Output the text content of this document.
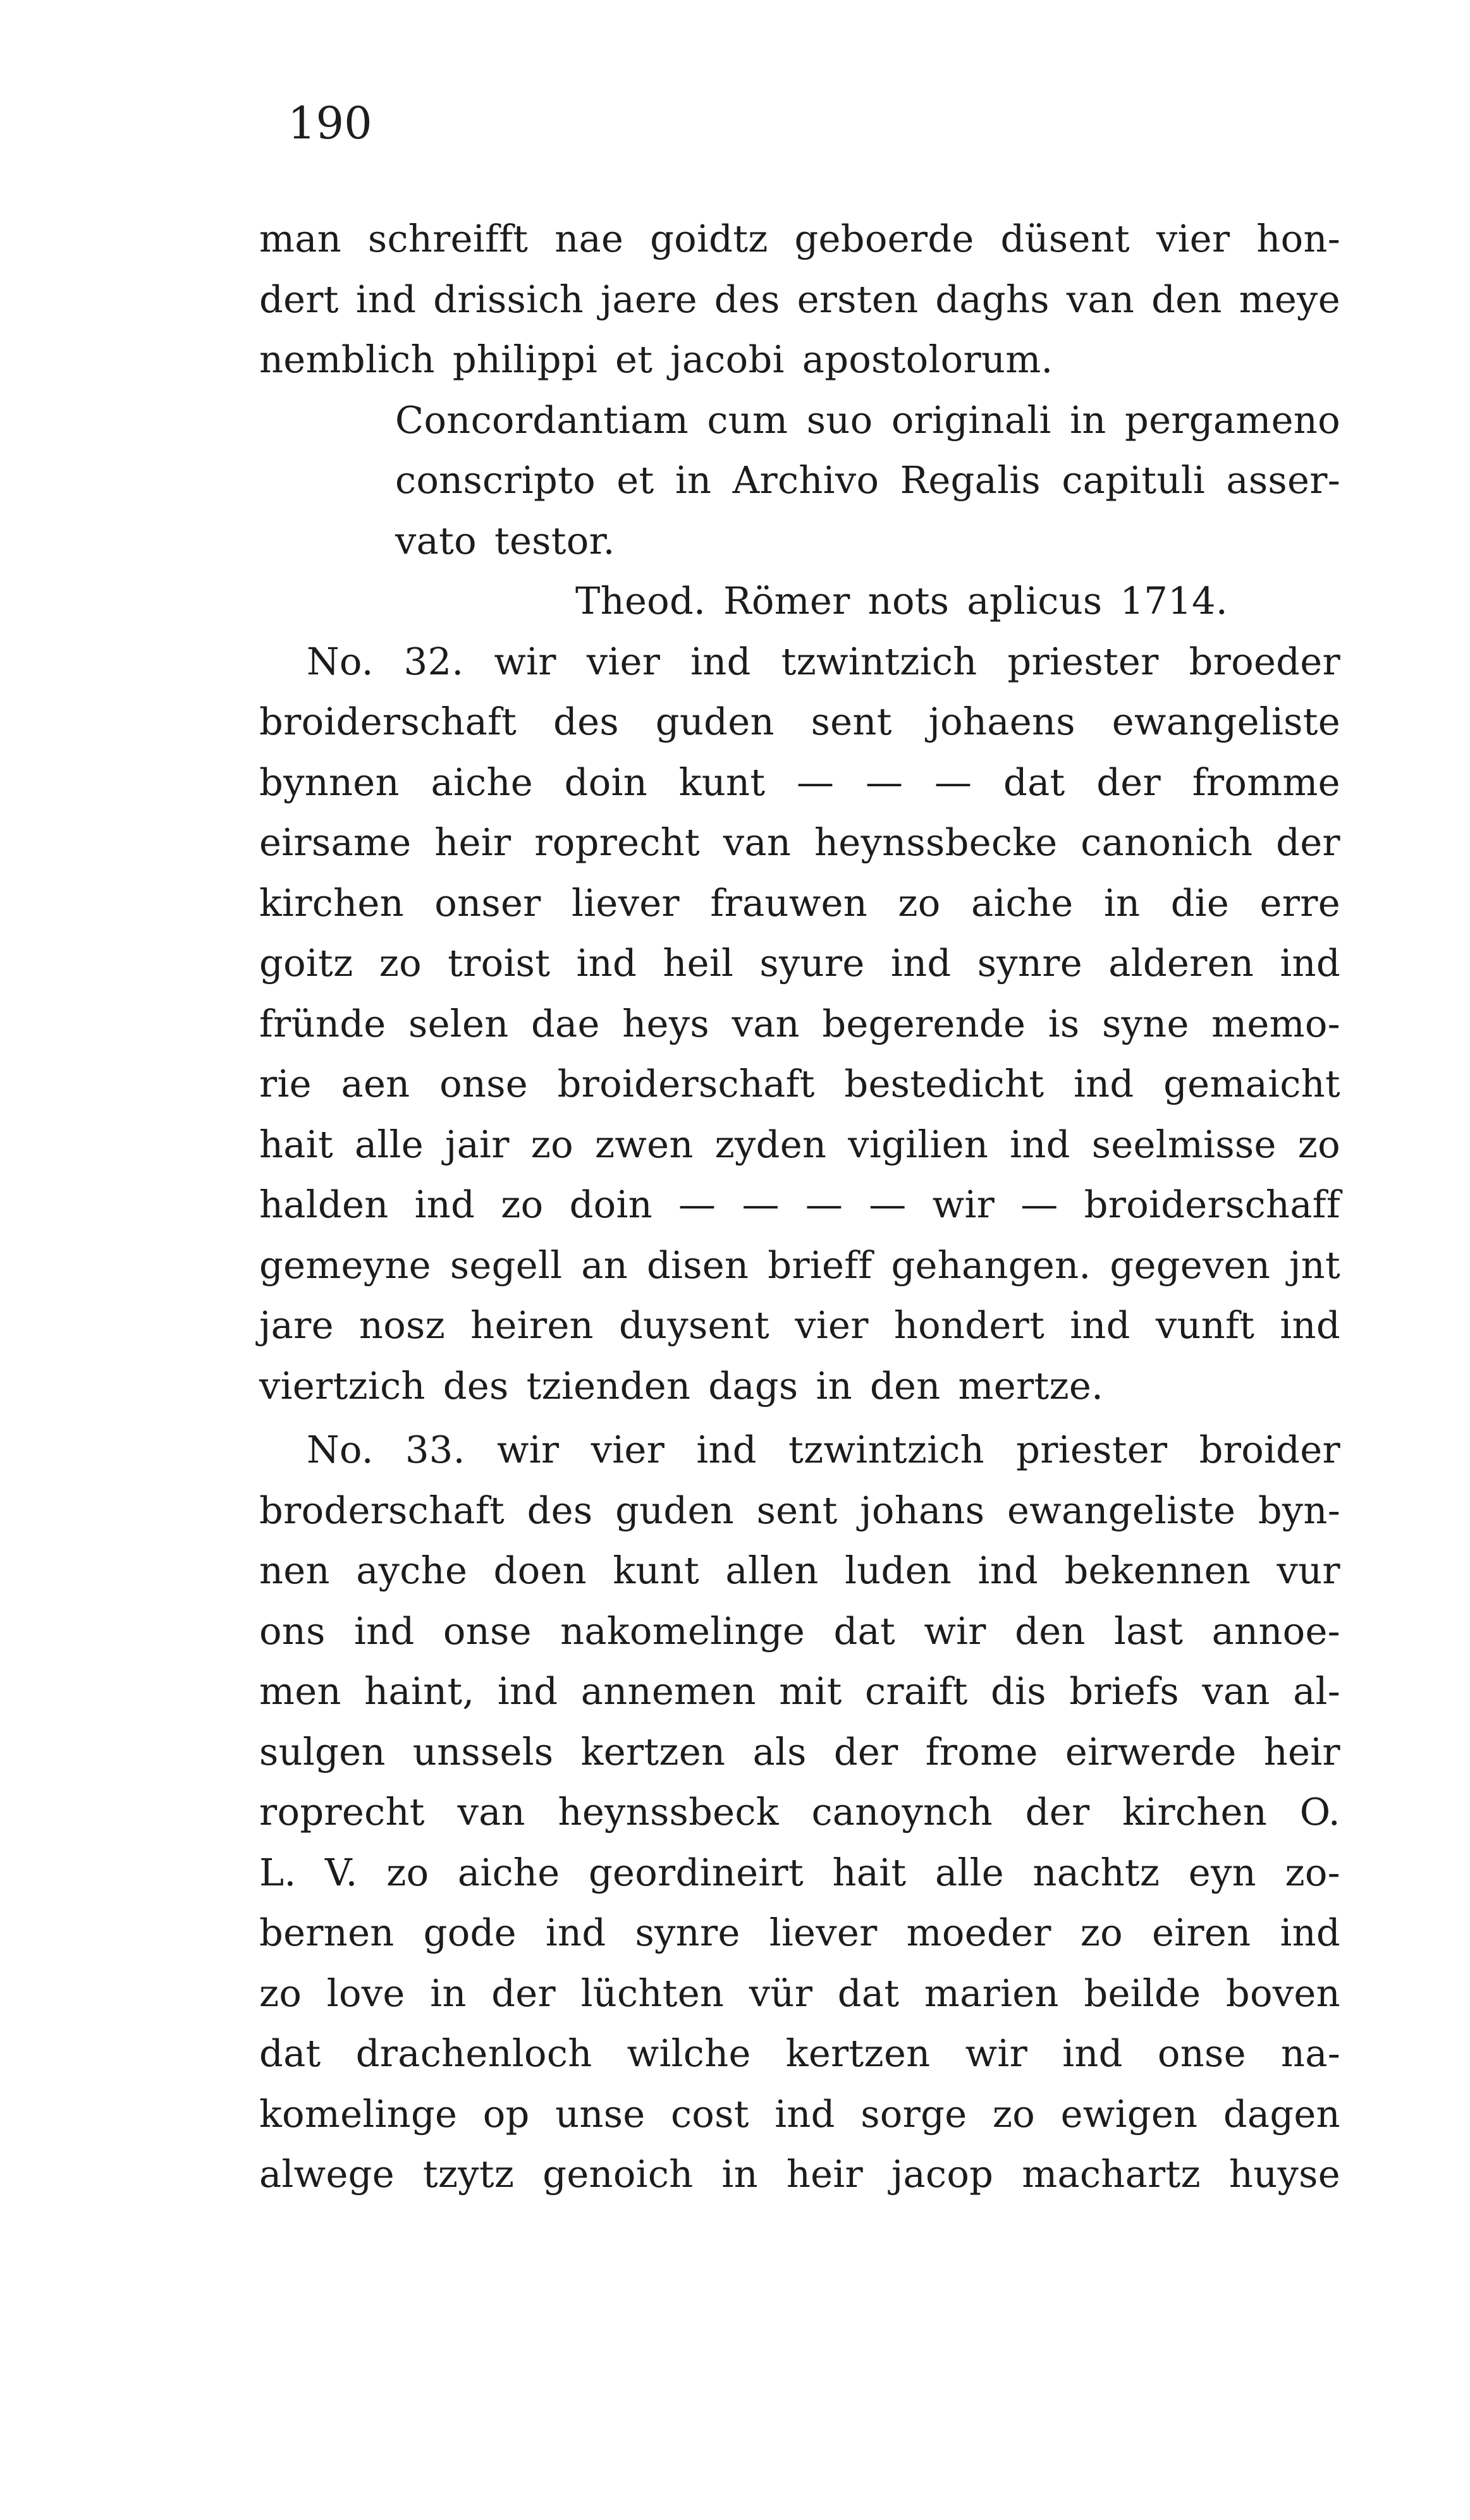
190
man schreifft nae goidtz geboerde düsent vier hon-
dert ind drissich jaere des ersten daghs van den meye
nemblich philippi et jacobi apostolorum.
Concordantiam cum suo originali in pergameno
conscripto et in Archivo Regalis capituli asser-
vato testor.
Theod. Römer nots aplicus 1714.
No. 32. wir vier ind tzwintzich priester broeder
broiderschaft des guden sent johaens ewangeliste
bynnen aiche doin kunt — — — dat der fromme
eirsame heir roprecht van heynssbecke canonich der
kirchen onser liever frauwen zo aiche in die erre
goitz zo troist ind heil syure ind synre alderen ind
fründe selen dae heys van begerende is syne memo-
rie aen onse broiderschaft bestedicht ind gemaicht
hait alle jair zo zwen zyden vigilien ind seelmisse zo
halden ind zo doin — — — — wir — broiderschaff
gemeyne segell an disen brieff gehangen. gegeven jnt
jare nosz heiren duysent vier hondert ind vunft ind
viertzich des tzienden dags in den mertze.
No. 33. wir vier ind tzwintzich priester broider
broderschaft des guden sent johans ewangeliste byn-
nen ayche doen kunt allen luden ind bekennen vur
ons ind onse nakomelinge dat wir den last annoe-
men haint, ind annemen mit craift dis briefs van al-
sulgen unssels kertzen als der frome eirwerde heir
roprecht van heynssbeck canoynch der kirchen O.
L. V. zo aiche geordineirt hait alle nachtz eyn zo-
bernen gode ind synre liever moeder zo eiren ind
zo love in der lüchten vür dat marien beilde boven
dat drachenloch wilche kertzen wir ind onse na-
komelinge op unse cost ind sorge zo ewigen dagen
alwege tzytz genoich in heir jacop machartz huyse
